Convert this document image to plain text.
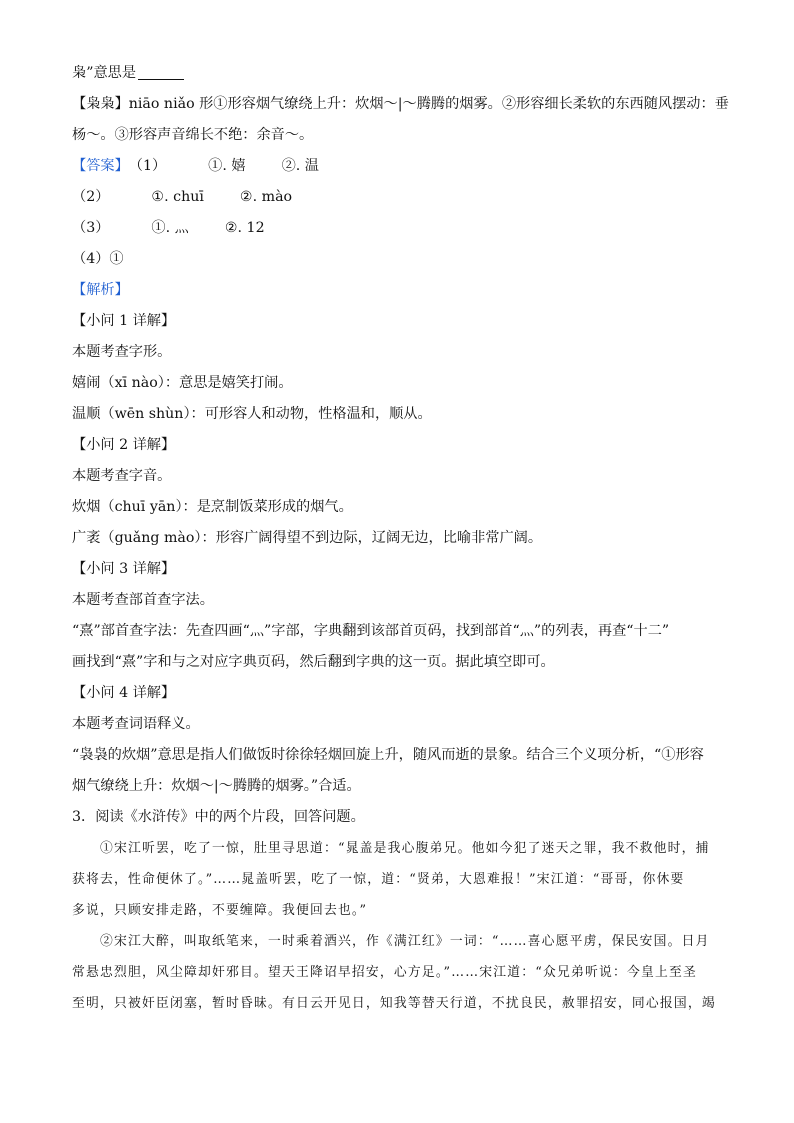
枭”意思是
【枭枭】niāo niǎo 形①形容烟气缭绕上升：炊烟～|～腾腾的烟雾。②形容细长柔软的东西随风摆动：垂
杨～。③形容声音绵长不绝：余音～。
【答案】（1）	①. 嬉	②. 温
（2）	①. chuī	②. mào
（3）	①. 灬	②. 12
（4）①
【解析】
【小问 1 详解】
本题考查字形。
嬉闹（xī nào）：意思是嬉笑打闹。
温顺（wēn shùn）：可形容人和动物，性格温和，顺从。
【小问 2 详解】
本题考查字音。
炊烟（chuī yān）：是烹制饭菜形成的烟气。
广袤（guǎng mào）：形容广阔得望不到边际，辽阔无边，比喻非常广阔。
【小问 3 详解】
本题考查部首查字法。
“熹”部首查字法：先查四画“灬”字部，字典翻到该部首页码，找到部首“灬”的列表，再查“十二”
画找到“熹”字和与之对应字典页码，然后翻到字典的这一页。据此填空即可。
【小问 4 详解】
本题考查词语释义。
“袅袅的炊烟”意思是指人们做饭时徐徐轻烟回旋上升，随风而逝的景象。结合三个义项分析，“①形容
烟气缭绕上升：炊烟～|～腾腾的烟雾。”合适。
3．阅读《水浒传》中的两个片段，回答问题。
①宋江听罢，吃了一惊，肚里寻思道：“晁盖是我心腹弟兄。他如今犯了迷天之罪，我不救他时，捕
获将去，性命便休了。”……晁盖听罢，吃了一惊，道：“贤弟，大恩难报！”宋江道：“哥哥，你休要
多说，只顾安排走路，不要缠障。我便回去也。”
②宋江大醉，叫取纸笔来，一时乘着酒兴，作《满江红》一词：“……喜心愿平虏，保民安国。日月
常悬忠烈胆，风尘障却奸邪目。望天王降诏早招安，心方足。”……宋江道：“众兄弟听说：今皇上至圣
至明，只被奸臣闭塞，暂时昏昧。有日云开见日，知我等替天行道，不扰良民，赦罪招安，同心报国，竭
